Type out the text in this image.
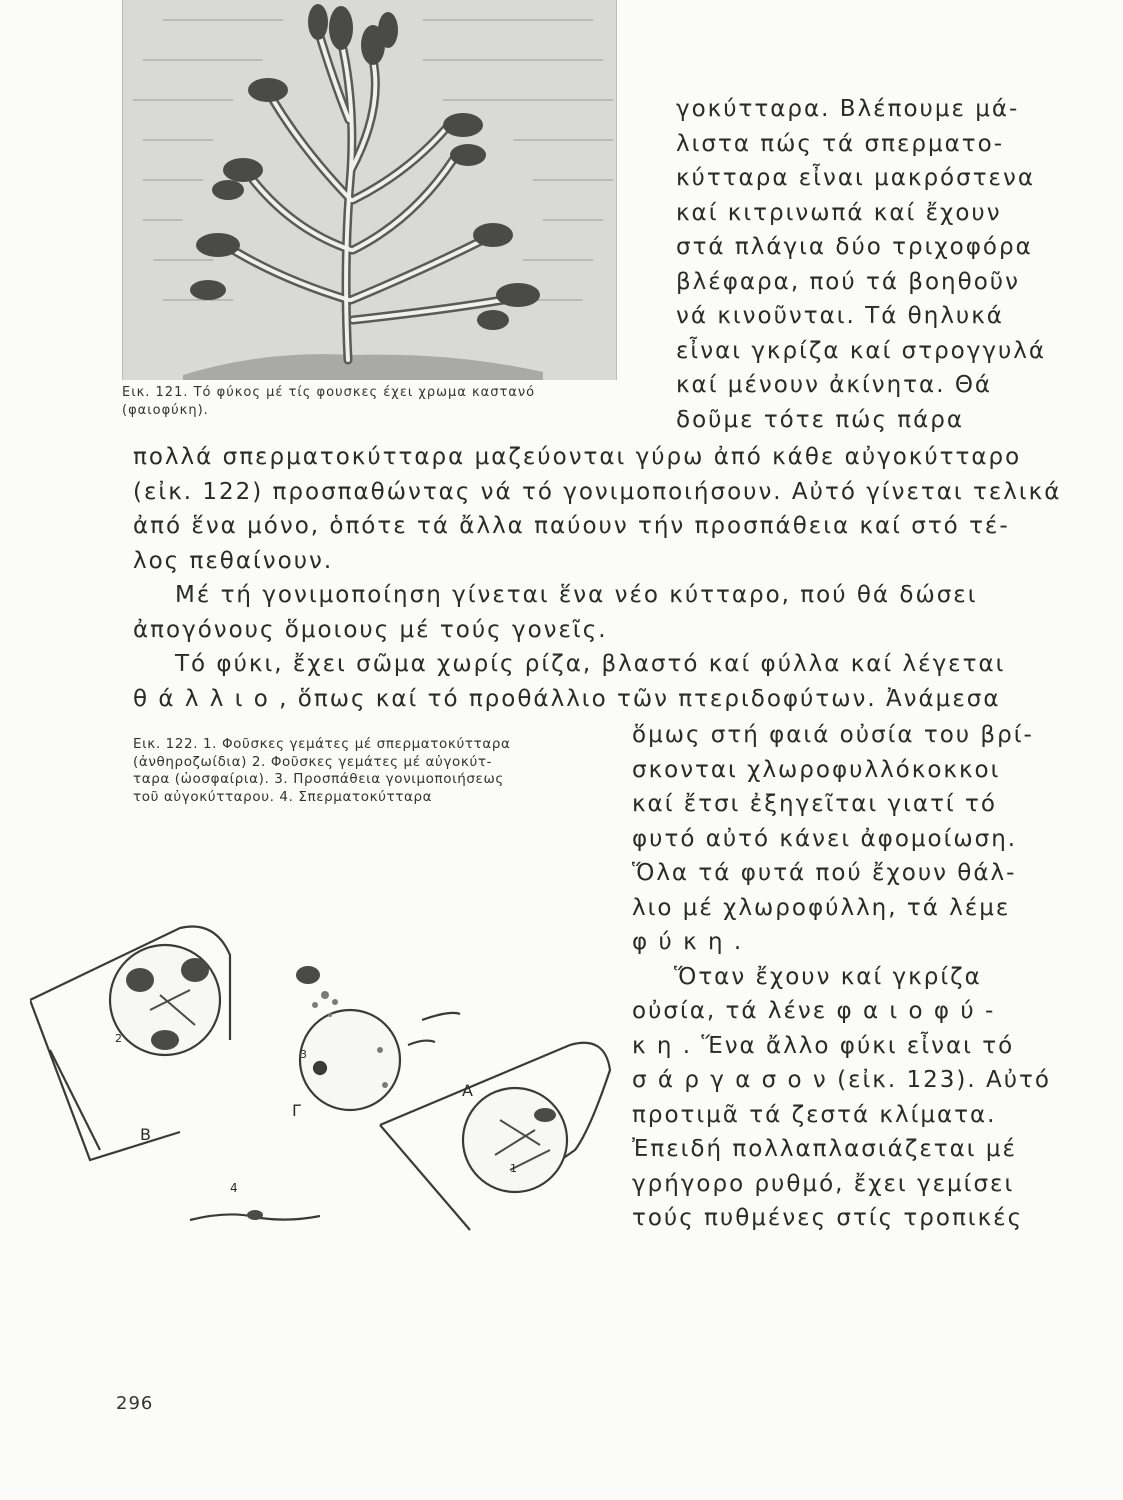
Εικ. 121. Τό φύκος μέ τίς φουσκες έχει χρωμα καστανό (φαιοφύκη).
γοκύτταρα. Βλέπουμε μά-
λιστα πώς τά σπερματο-
κύτταρα εἶναι μακρόστενα
καί κιτρινωπά καί ἔχουν
στά πλάγια δύο τριχοφόρα
βλέφαρα, πού τά βοηθοῦν
νά κινοῦνται. Τά θηλυκά
εἶναι γκρίζα καί στρογγυλά
καί μένουν ἀκίνητα. Θά
δοῦμε τότε πώς πάρα
πολλά σπερματοκύτταρα μαζεύονται γύρω ἀπό κάθε αὐγοκύτταρο
(εἰκ. 122) προσπαθώντας νά τό γονιμοποιήσουν. Αὐτό γίνεται τελικά
ἀπό ἕνα μόνο, ὁπότε τά ἄλλα παύουν τήν προσπάθεια καί στό τέ-
λος πεθαίνουν.
Μέ τή γονιμοποίηση γίνεται ἕνα νέο κύτταρο, πού θά δώσει
ἀπογόνους ὅμοιους μέ τούς γονεῖς.
Τό φύκι, ἔχει σῶμα χωρίς ρίζα, βλαστό καί φύλλα καί λέγεται
θ ά λ λ ι ο , ὅπως καί τό προθάλλιο τῶν πτεριδοφύτων. Ἀνάμεσα
Εικ. 122. 1. Φοῦσκες γεμάτες μέ σπερματοκύτταρα
(ἀνθηροζωίδια) 2. Φοῦσκες γεμάτες μέ αὐγοκύτ-
ταρα (ὠοσφαίρια). 3. Προσπάθεια γονιμοποιήσεως
τοῦ αὐγοκύτταρου. 4. Σπερματοκύτταρα
ὅμως στή φαιά οὐσία του βρί-
σκονται χλωροφυλλόκοκκοι
καί ἔτσι ἐξηγεῖται γιατί τό
φυτό αὐτό κάνει ἀφομοίωση.
Ὅλα τά φυτά πού ἔχουν θάλ-
λιο μέ χλωροφύλλη, τά λέμε
φ ύ κ η .
Ὅταν ἔχουν καί γκρίζα
οὐσία, τά λένε φ α ι ο φ ύ -
κ η . Ἕνα ἄλλο φύκι εἶναι τό
σ ά ρ γ α σ ο ν (εἰκ. 123). Αὐτό
προτιμᾶ τά ζεστά κλίματα.
Ἐπειδή πολλαπλασιάζεται μέ
γρήγορο ρυθμό, ἔχει γεμίσει
τούς πυθμένες στίς τροπικές
A
B
Γ
1
2
3
4
296
